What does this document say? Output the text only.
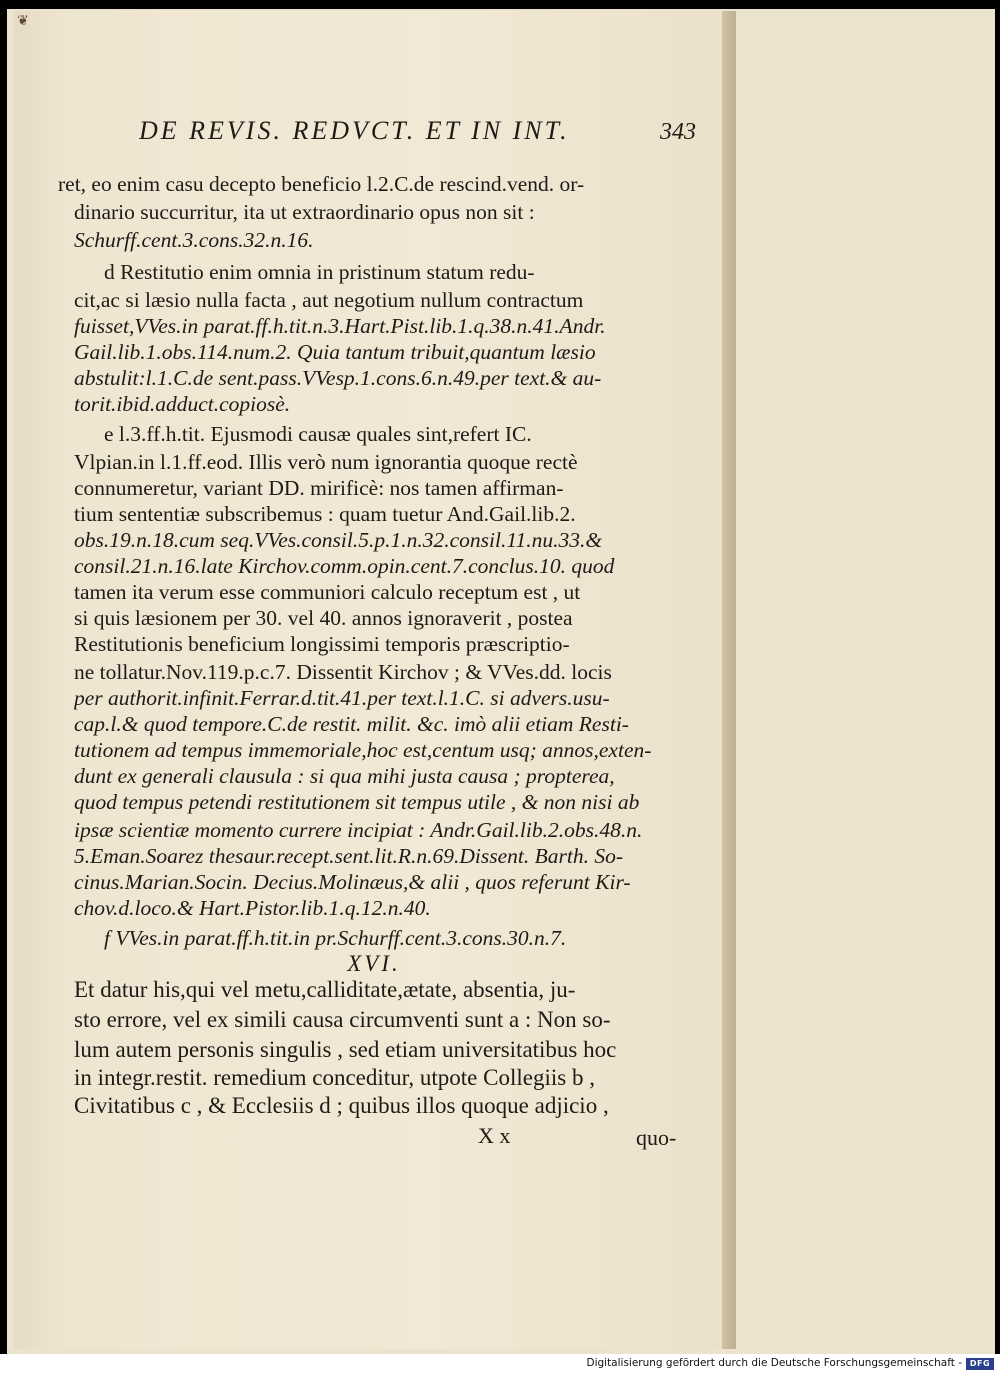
❦
DE REVIS. REDVCT. ET IN INT.	343
ret, eo enim casu decepto beneficio l.2.C.de rescind.vend. or-
dinario succurritur, ita ut extraordinario opus non sit :
Schurff.cent.3.cons.32.n.16.
d Restitutio enim omnia in pristinum statum redu-
cit,ac si læsio nulla facta , aut negotium nullum contractum
fuisset,VVes.in parat.ff.h.tit.n.3.Hart.Pist.lib.1.q.38.n.41.Andr.
Gail.lib.1.obs.114.num.2. Quia tantum tribuit,quantum læsio
abstulit:l.1.C.de sent.pass.VVesp.1.cons.6.n.49.per text.& au-
torit.ibid.adduct.copiosè.
e l.3.ff.h.tit. Ejusmodi causæ quales sint,refert IC.
Vlpian.in l.1.ff.eod. Illis verò num ignorantia quoque rectè
connumeretur, variant DD. mirificè: nos tamen affirman-
tium sententiæ subscribemus : quam tuetur And.Gail.lib.2.
obs.19.n.18.cum seq.VVes.consil.5.p.1.n.32.consil.11.nu.33.&
consil.21.n.16.late Kirchov.comm.opin.cent.7.conclus.10. quod
tamen ita verum esse communiori calculo receptum est , ut
si quis læsionem per 30. vel 40. annos ignoraverit , postea
Restitutionis beneficium longissimi temporis præscriptio-
ne tollatur.Nov.119.p.c.7. Dissentit Kirchov ; & VVes.dd. locis
per authorit.infinit.Ferrar.d.tit.41.per text.l.1.C. si advers.usu-
cap.l.& quod tempore.C.de restit. milit. &c. imò alii etiam Resti-
tutionem ad tempus immemoriale,hoc est,centum usq; annos,exten-
dunt ex generali clausula : si qua mihi justa causa ; propterea,
quod tempus petendi restitutionem sit tempus utile , & non nisi ab
ipsæ scientiæ momento currere incipiat : Andr.Gail.lib.2.obs.48.n.
5.Eman.Soarez thesaur.recept.sent.lit.R.n.69.Dissent. Barth. So-
cinus.Marian.Socin. Decius.Molinæus,& alii , quos referunt Kir-
chov.d.loco.& Hart.Pistor.lib.1.q.12.n.40.
f VVes.in parat.ff.h.tit.in pr.Schurff.cent.3.cons.30.n.7.
XVI.
Et datur his,qui vel metu,calliditate,ætate, absentia, ju-
sto errore, vel ex simili causa circumventi sunt a : Non so-
lum autem personis singulis , sed etiam universitatibus hoc
in integr.restit. remedium conceditur, utpote Collegiis b ,
Civitatibus c , & Ecclesiis d ; quibus illos quoque adjicio ,
X x	quo-
Digitalisierung gefördert durch die Deutsche Forschungsgemeinschaft - DFG
